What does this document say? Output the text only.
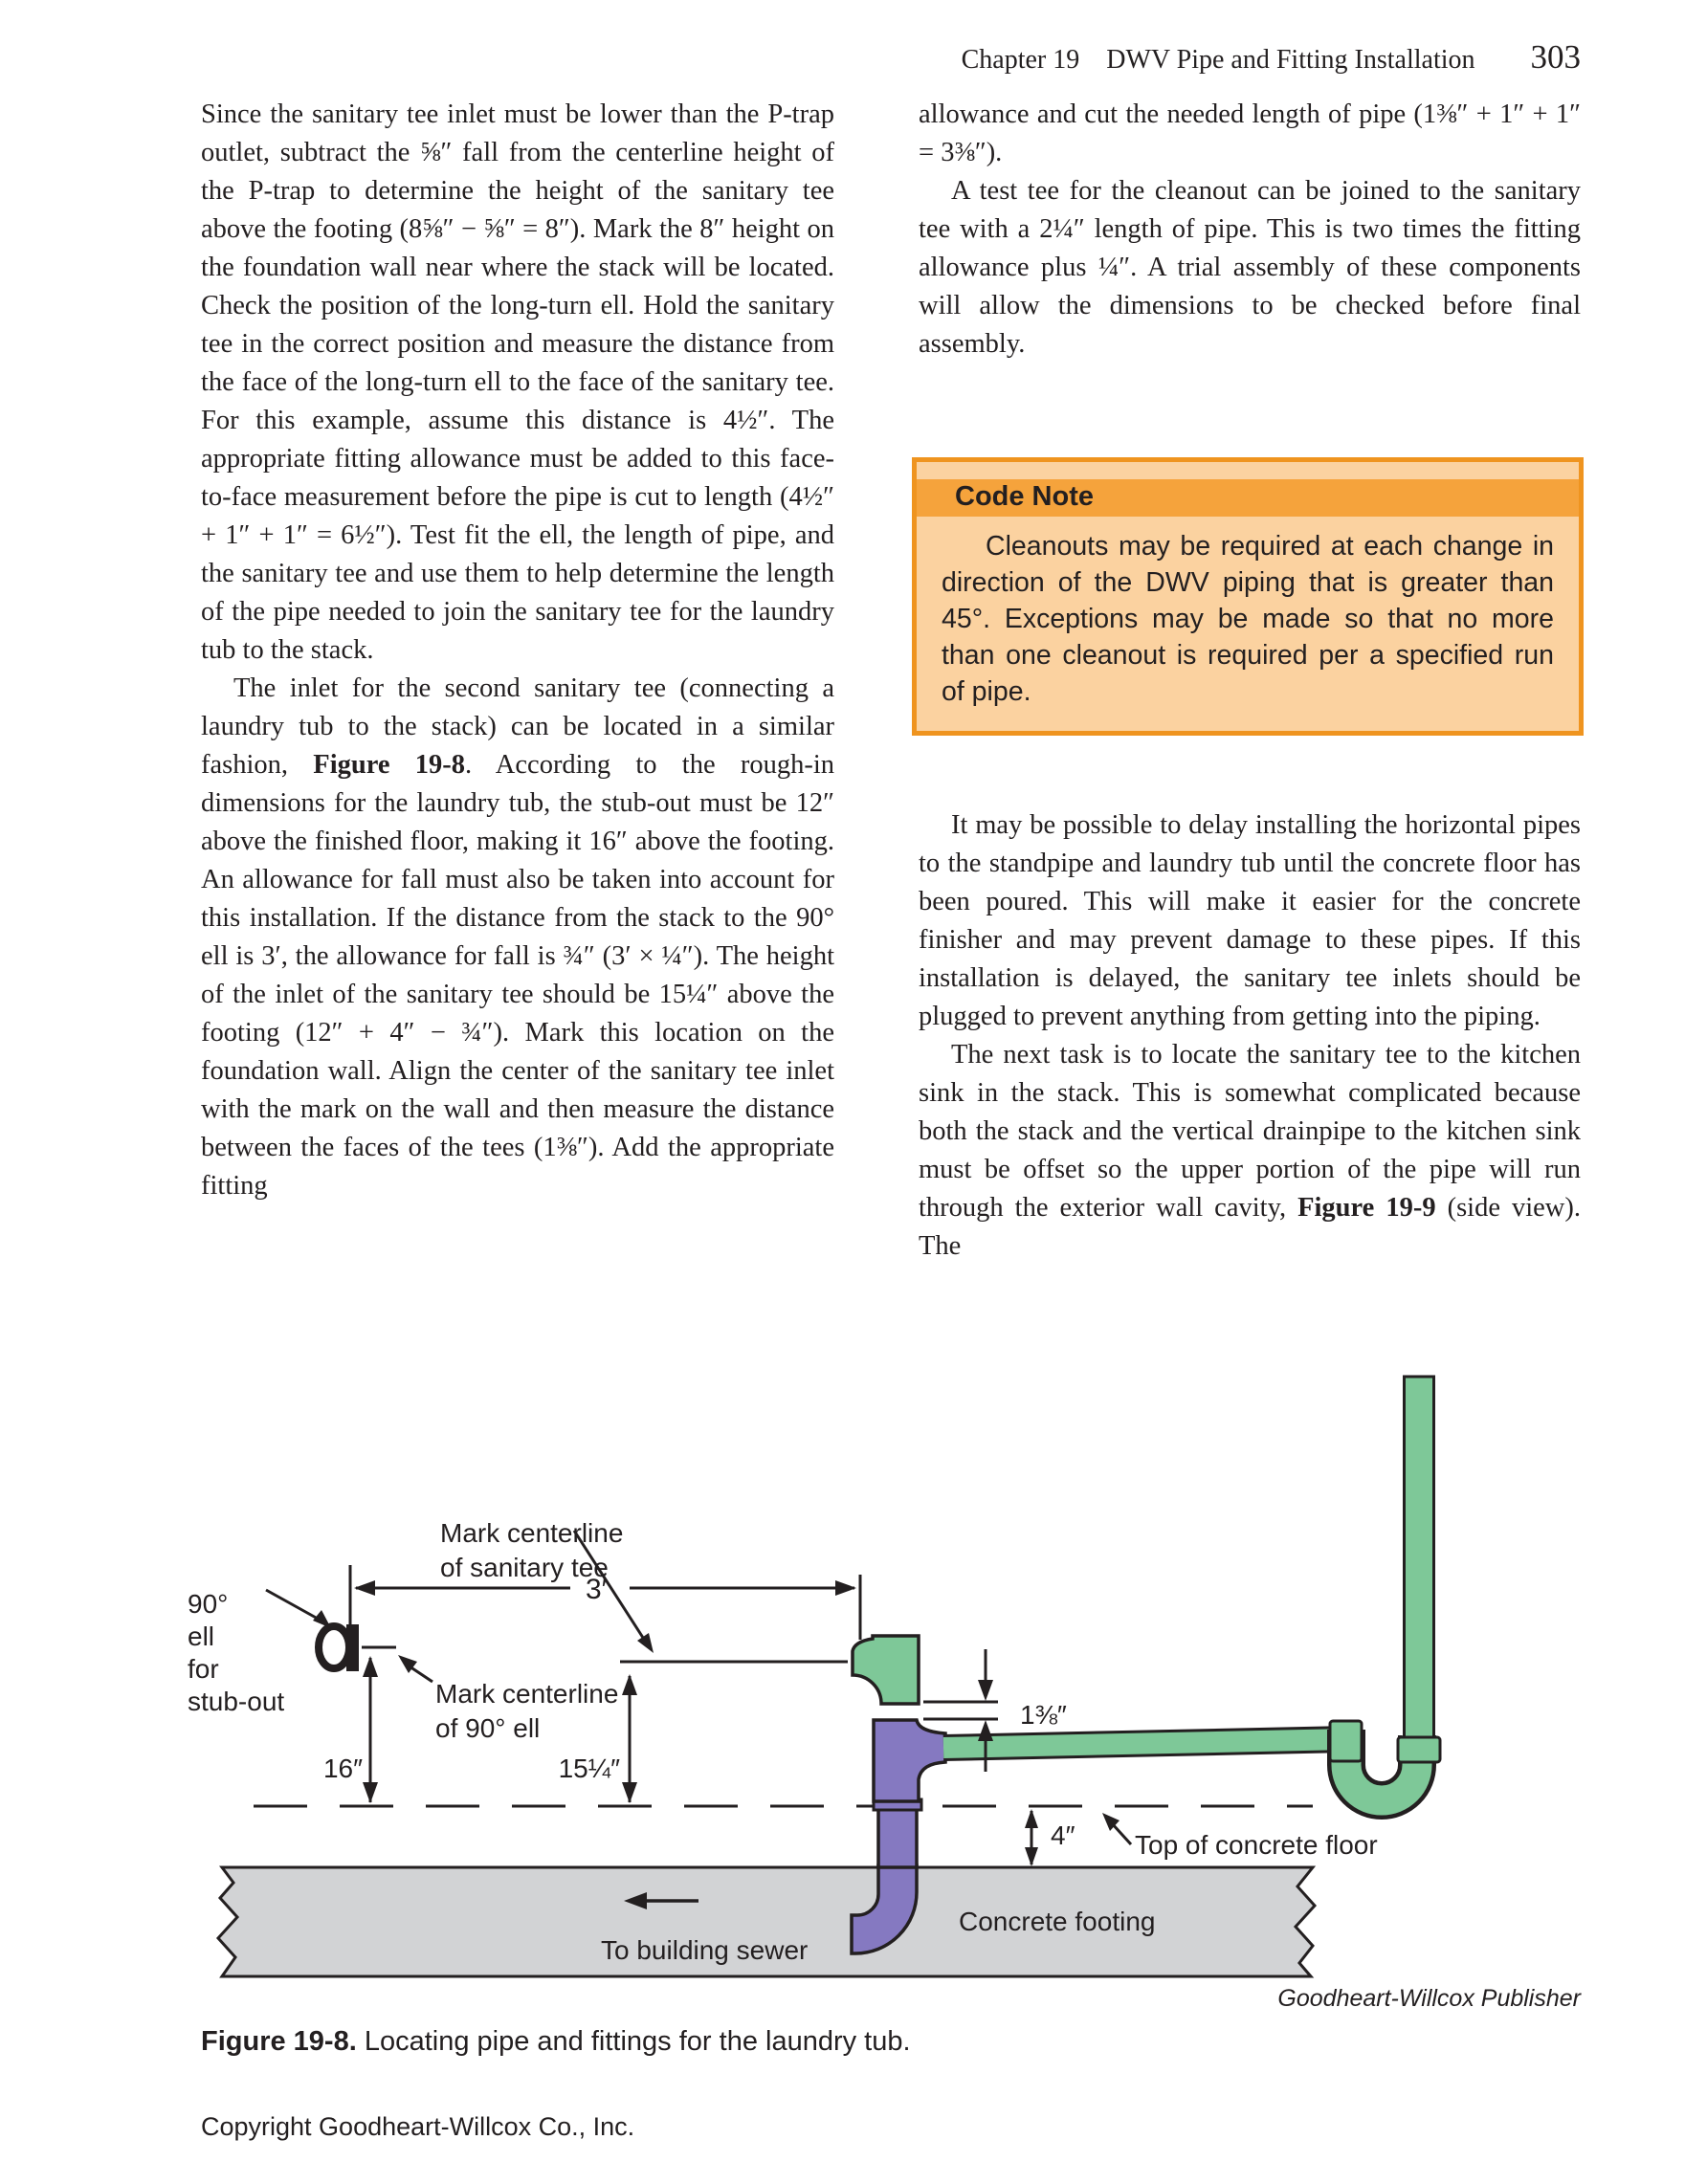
Chapter 19 DWV Pipe and Fitting Installation 303

Since the sanitary tee inlet must be lower than the P-trap outlet, subtract the ⅝″ fall from the centerline height of the P-trap to determine the height of the sanitary tee above the footing (8⅝″ − ⅝″ = 8″). Mark the 8″ height on the foundation wall near where the stack will be located. Check the position of the long-turn ell. Hold the sanitary tee in the correct position and measure the distance from the face of the long-turn ell to the face of the sanitary tee. For this example, assume this distance is 4½″. The appropriate fitting allowance must be added to this face-to-face measurement before the pipe is cut to length (4½″ + 1″ + 1″ = 6½″). Test fit the ell, the length of pipe, and the sanitary tee and use them to help determine the length of the pipe needed to join the sanitary tee for the laundry tub to the stack.

The inlet for the second sanitary tee (connecting a laundry tub to the stack) can be located in a similar fashion, Figure 19-8. According to the rough-in dimensions for the laundry tub, the stub-out must be 12″ above the finished floor, making it 16″ above the footing. An allowance for fall must also be taken into account for this installation. If the distance from the stack to the 90° ell is 3′, the allowance for fall is ¾″ (3′ × ¼″). The height of the inlet of the sanitary tee should be 15¼″ above the footing (12″ + 4″ − ¾″). Mark this location on the foundation wall. Align the center of the sanitary tee inlet with the mark on the wall and then measure the distance between the faces of the tees (1⅜″). Add the appropriate fitting

allowance and cut the needed length of pipe (1⅜″ + 1″ + 1″ = 3⅜″).

A test tee for the cleanout can be joined to the sanitary tee with a 2¼″ length of pipe. This is two times the fitting allowance plus ¼″. A trial assembly of these components will allow the dimensions to be checked before final assembly.

Code Note
Cleanouts may be required at each change in direction of the DWV piping that is greater than 45°. Exceptions may be made so that no more than one cleanout is required per a specified run of pipe.

It may be possible to delay installing the horizontal pipes to the standpipe and laundry tub until the concrete floor has been poured. This will make it easier for the concrete finisher and may prevent damage to these pipes. If this installation is delayed, the sanitary tee inlets should be plugged to prevent anything from getting into the piping.

The next task is to locate the sanitary tee to the kitchen sink in the stack. This is somewhat complicated because both the stack and the vertical drainpipe to the kitchen sink must be offset so the upper portion of the pipe will run through the exterior wall cavity, Figure 19-9 (side view). The

3′
16″	15¼″
1⅜″
4″
Mark centerline
of sanitary tee
90°
ell
for
stub-out	Mark centerline
of 90° ell
Top of concrete floor
To building sewer
Concrete footing
Goodheart-Willcox Publisher
Figure 19-8. Locating pipe and fittings for the laundry tub.
Copyright Goodheart-Willcox Co., Inc.
